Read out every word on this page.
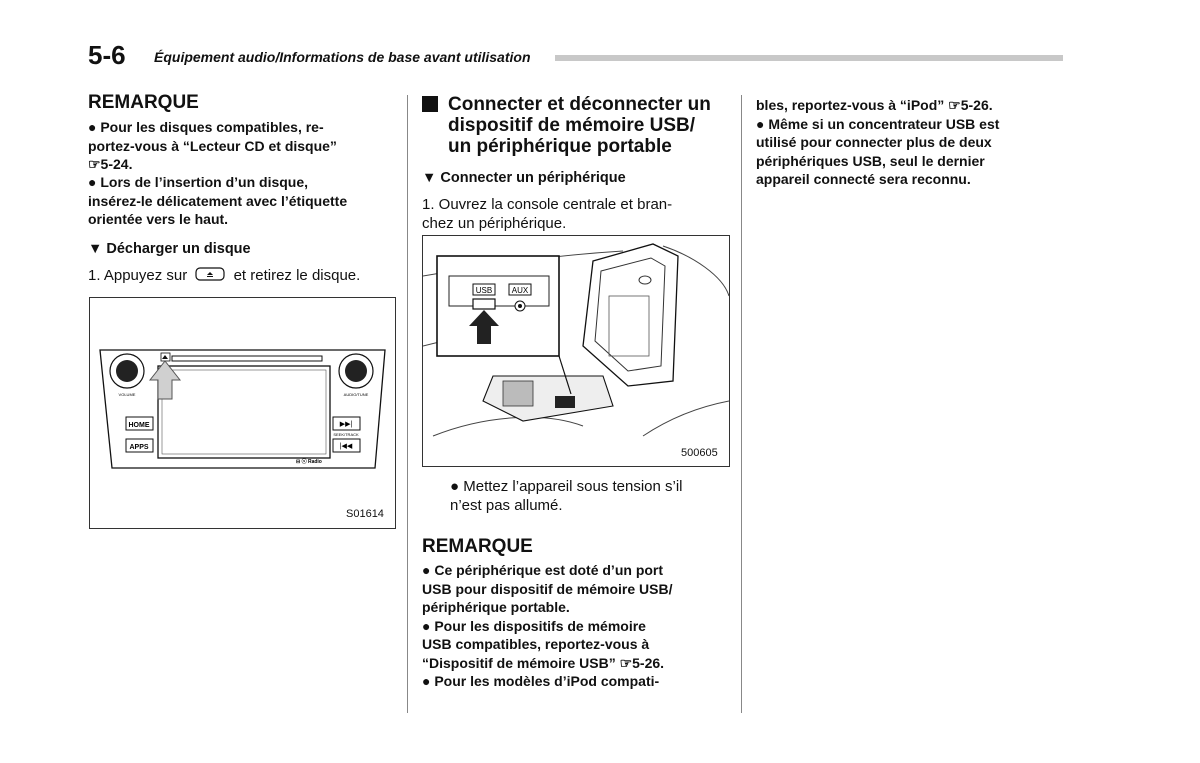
5-6 Équipement audio/Informations de base avant utilisation
REMARQUE
● Pour les disques compatibles, re-
portez-vous à “Lecteur CD et disque”
☞5-24.
● Lors de l’insertion d’un disque,
insérez-le délicatement avec l’étiquette
orientée vers le haut.
▼ Décharger un disque
1. Appuyez sur	et retirez le disque.
HOME
APPS
▶▶|
|◀◀
VOLUME	AUDIO/TUNE
SEEK/TRACK
⊟ ⓢ Radio
S01614
Connecter et déconnecter un
dispositif de mémoire USB/
un périphérique portable
▼ Connecter un périphérique
1. Ouvrez la console centrale et bran-
chez un périphérique.
USB AUX
500605
● Mettez l’appareil sous tension s’il
n’est pas allumé.
REMARQUE
● Ce périphérique est doté d’un port
USB pour dispositif de mémoire USB/
périphérique portable.
● Pour les dispositifs de mémoire
USB compatibles, reportez-vous à
“Dispositif de mémoire USB” ☞5-26.
● Pour les modèles d’iPod compati-
bles, reportez-vous à “iPod” ☞5-26.
● Même si un concentrateur USB est
utilisé pour connecter plus de deux
périphériques USB, seul le dernier
appareil connecté sera reconnu.
